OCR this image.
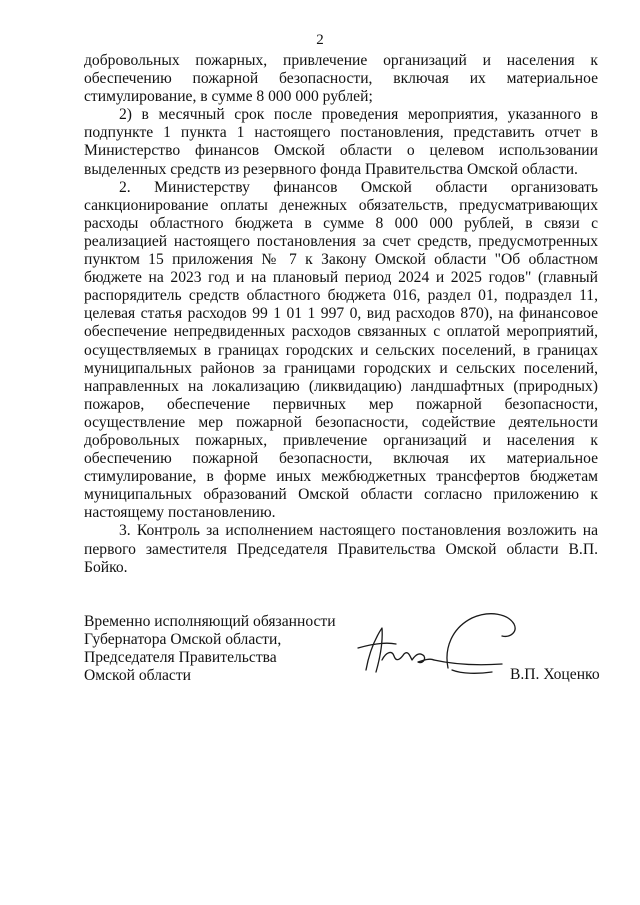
2

добровольных пожарных, привлечение организаций и населения к обеспечению пожарной безопасности, включая их материальное стимулирование, в сумме 8 000 000 рублей;

2) в месячный срок после проведения мероприятия, указанного в подпункте 1 пункта 1 настоящего постановления, представить отчет в Министерство финансов Омской области о целевом использовании выделенных средств из резервного фонда Правительства Омской области.

2. Министерству финансов Омской области организовать санкционирование оплаты денежных обязательств, предусматривающих расходы областного бюджета в сумме 8 000 000 рублей, в связи с реализацией настоящего постановления за счет средств, предусмотренных пунктом 15 приложения № 7 к Закону Омской области "Об областном бюджете на 2023 год и на плановый период 2024 и 2025 годов" (главный распорядитель средств областного бюджета 016, раздел 01, подраздел 11, целевая статья расходов 99 1 01 1 997 0, вид расходов 870), на финансовое обеспечение непредвиденных расходов связанных с оплатой мероприятий, осуществляемых в границах городских и сельских поселений, в границах муниципальных районов за границами городских и сельских поселений, направленных на локализацию (ликвидацию) ландшафтных (природных) пожаров, обеспечение первичных мер пожарной безопасности, осуществление мер пожарной безопасности, содействие деятельности добровольных пожарных, привлечение организаций и населения к обеспечению пожарной безопасности, включая их материальное стимулирование, в форме иных межбюджетных трансфертов бюджетам муниципальных образований Омской области согласно приложению к настоящему постановлению.

3. Контроль за исполнением настоящего постановления возложить на первого заместителя Председателя Правительства Омской области В.П. Бойко.

Временно исполняющий обязанности
Губернатора Омской области,
Председателя Правительства
Омской области	В.П. Хоценко
